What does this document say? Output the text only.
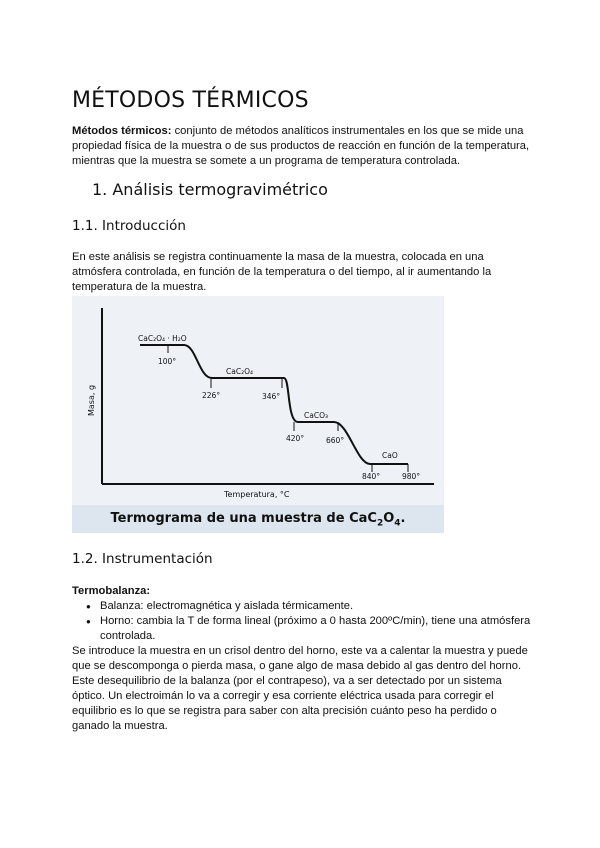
MÉTODOS TÉRMICOS
Métodos térmicos: conjunto de métodos analíticos instrumentales en los que se mide una propiedad física de la muestra o de sus productos de reacción en función de la temperatura, mientras que la muestra se somete a un programa de temperatura controlada.
1. Análisis termogravimétrico
1.1. Introducción
En este análisis se registra continuamente la masa de la muestra, colocada en una atmósfera controlada, en función de la temperatura o del tiempo, al ir aumentando la temperatura de la muestra.
CaC₂O₄ · H₂O
CaC₂O₄
CaCO₃
CaO
100°
226°	346°
420°	660°
840°	980°
Masa, g
Temperatura, °C
Termograma de una muestra de $CaC_2O_4$.
1.2. Instrumentación
Termobalanza:
● Balanza: electromagnética y aislada térmicamente.
● Horno: cambia la T de forma lineal (próximo a 0 hasta 200ºC/min), tiene una atmósfera controlada.
Se introduce la muestra en un crisol dentro del horno, este va a calentar la muestra y puede que se descomponga o pierda masa, o gane algo de masa debido al gas dentro del horno. Este desequilibrio de la balanza (por el contrapeso), va a ser detectado por un sistema óptico. Un electroimán lo va a corregir y esa corriente eléctrica usada para corregir el equilibrio es lo que se registra para saber con alta precisión cuánto peso ha perdido o ganado la muestra.
